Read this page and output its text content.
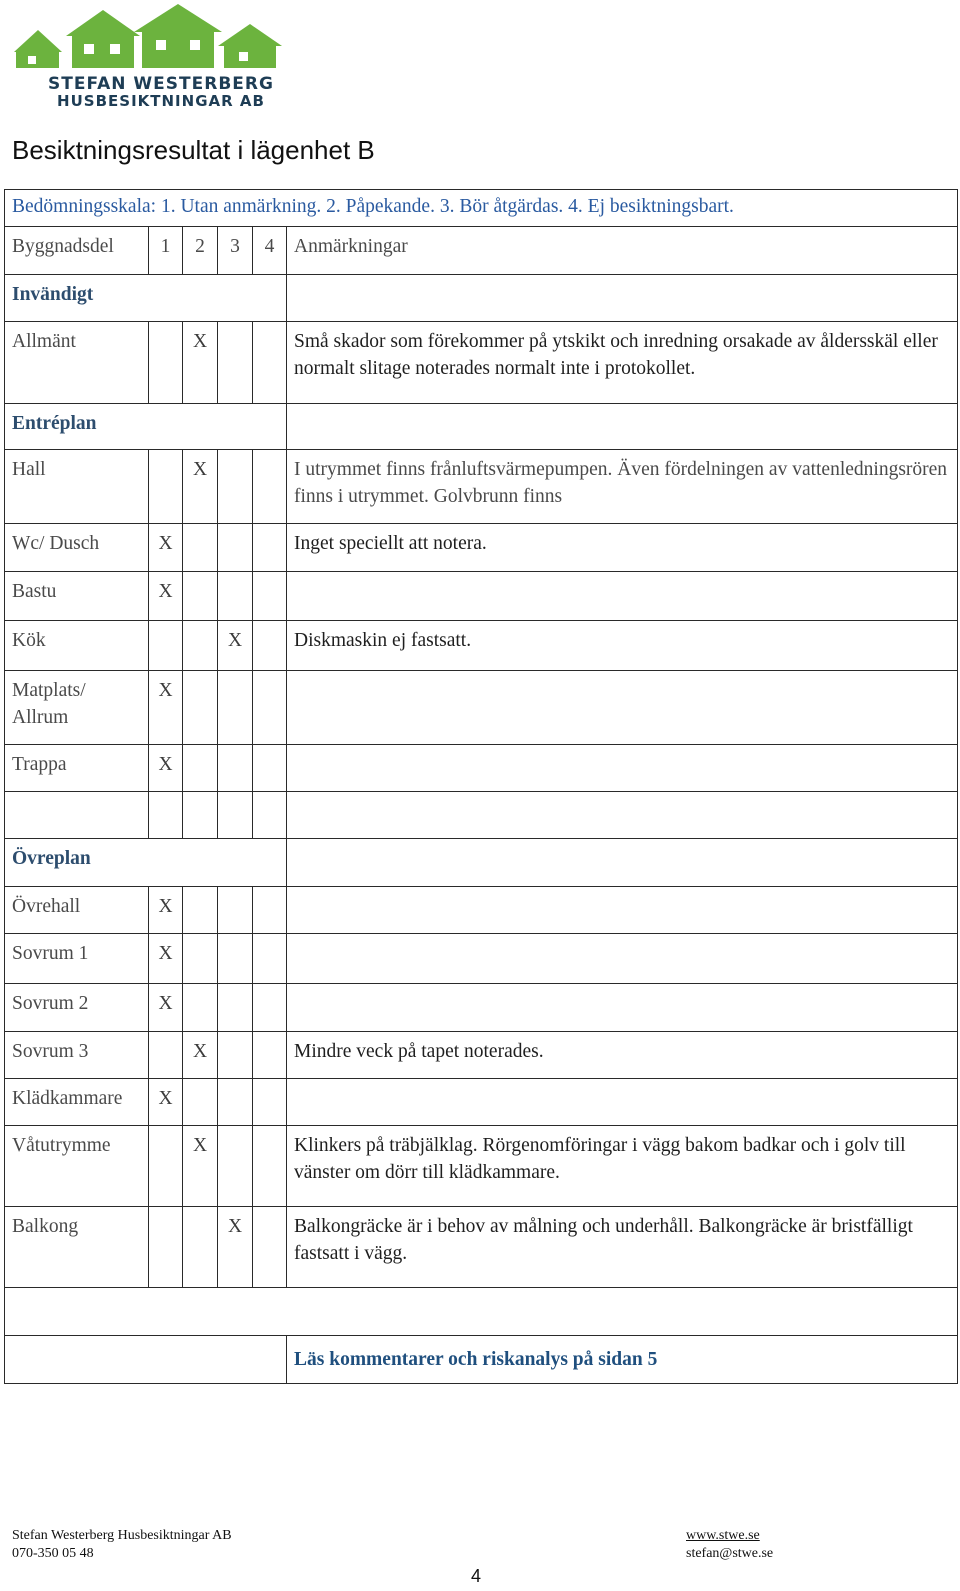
STEFAN WESTERBERG
HUSBESIKTNINGAR AB
Besiktningsresultat i lägenhet B
Bedömningsskala: 1. Utan anmärkning. 2. Påpekande. 3. Bör åtgärdas. 4. Ej besiktningsbart.					
Byggnadsdel	1	2	3	4	Anmärkningar
Invändigt					
Allmänt		X			Små skador som förekommer på ytskikt och inredning orsakade av åldersskäl eller normalt slitage noterades normalt inte i protokollet.
Entréplan					
Hall		X			I utrymmet finns frånluftsvärmepumpen. Även fördelningen av vattenledningsrören finns i utrymmet. Golvbrunn finns
Wc/ Dusch	X				Inget speciellt att notera.
Bastu	X				
Kök			X		Diskmaskin ej fastsatt.
Matplats/ Allrum	X				
Trappa	X				

Övreplan					
Övrehall	X				
Sovrum 1	X				
Sovrum 2	X				
Sovrum 3		X			Mindre veck på tapet noterades.
Klädkammare	X				
Våtutrymme		X			Klinkers på träbjälklag. Rörgenomföringar i vägg bakom badkar och i golv till vänster om dörr till klädkammare.
Balkong			X		Balkongräcke är i behov av målning och underhåll. Balkongräcke är bristfälligt fastsatt i vägg.

					Läs kommentarer och riskanalys på sidan 5
Stefan Westerberg Husbesiktningar AB
070-350 05 48
www.stwe.se
stefan@stwe.se
4
